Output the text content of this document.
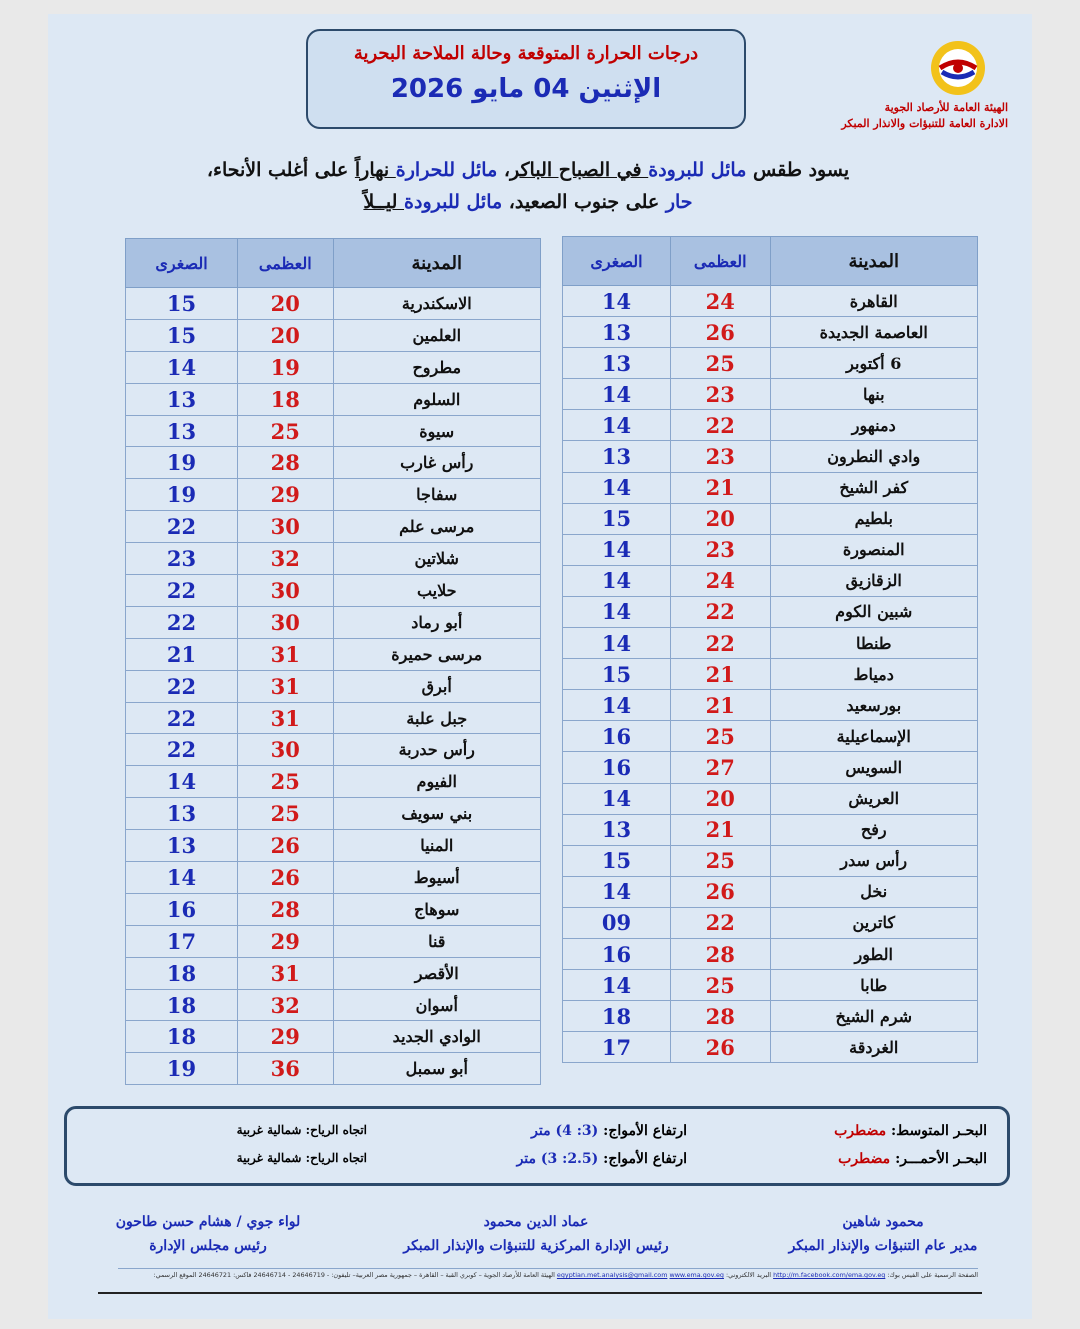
الهيئة العامة للأرصاد الجوية
الادارة العامة للتنبؤات والانذار المبكر
درجات الحرارة المتوقعة وحالة الملاحة البحرية
الإثنين 04 مايو 2026
يسود طقس مائل للبرودة في الصباح الباكر، مائل للحرارة نهاراً على أغلب الأنحاء،
حار على جنوب الصعيد، مائل للبرودة ليــلاً
المدينة	العظمى	الصغرى
القاهرة	24	14
العاصمة الجديدة	26	13
6 أكتوبر	25	13
بنها	23	14
دمنهور	22	14
وادي النطرون	23	13
كفر الشيخ	21	14
بلطيم	20	15
المنصورة	23	14
الزقازيق	24	14
شبين الكوم	22	14
طنطا	22	14
دمياط	21	15
بورسعيد	21	14
الإسماعيلية	25	16
السويس	27	16
العريش	20	14
رفح	21	13
رأس سدر	25	15
نخل	26	14
كاترين	22	09
الطور	28	16
طابا	25	14
شرم الشيخ	28	18
الغردقة	26	17
المدينة	العظمى	الصغرى
الاسكندرية	20	15
العلمين	20	15
مطروح	19	14
السلوم	18	13
سيوة	25	13
رأس غارب	28	19
سفاجا	29	19
مرسى علم	30	22
شلاتين	32	23
حلايب	30	22
أبو رماد	30	22
مرسى حميرة	31	21
أبرق	31	22
جبل علبة	31	22
رأس حدربة	30	22
الفيوم	25	14
بني سويف	25	13
المنيا	26	13
أسيوط	26	14
سوهاج	28	16
قنا	29	17
الأقصر	31	18
أسوان	32	18
الوادي الجديد	29	18
أبو سمبل	36	19
البحـر المتوسط: مضطرب
ارتفاع الأمواج: (3: 4) متر
اتجاه الرياح: شمالية غربية
البحـر الأحمـــر: مضطرب
ارتفاع الأمواج: (2.5: 3) متر
اتجاه الرياح: شمالية غربية
محمود شاهين
مدير عام التنبؤات والإنذار المبكر
عماد الدين محمود
رئيس الإدارة المركزية للتنبؤات والإنذار المبكر
لواء جوي / هشام حسن طاحون
رئيس مجلس الإدارة
الصفحة الرسمية على الفيس بوك: http://m.facebook.com/ema.gov.eg البريد الالكتروني: egyptian.met.analysis@gmail.com www.ema.gov.eg الهيئة العامة للأرصاد الجوية – كوبري القبة – القاهرة – جمهورية مصر العربية– تليفون: - 24646719 - 24646714 فاكس: 24646721 الموقع الرسمي:
